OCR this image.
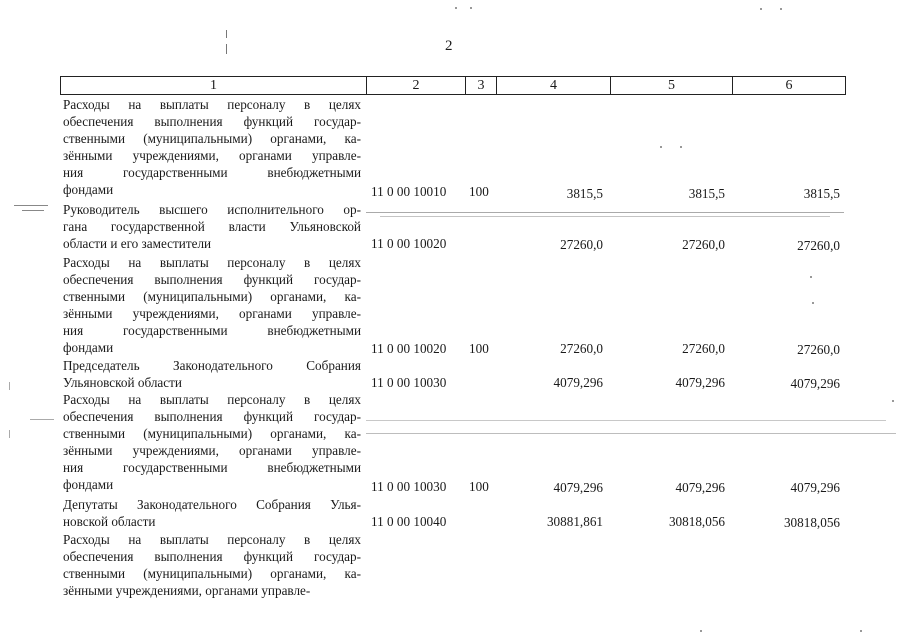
2
1	2	3	4	5	6
Расходы на выплаты персоналу в целях
обеспечения выполнения функций государ-
ственными (муниципальными) органами, ка-
зёнными учреждениями, органами управле-
ния государственными внебюджетными
фондами	11 0 00 10010 100	3815,5	3815,5	3815,5
Руководитель высшего исполнительного ор-
гана государственной власти Ульяновской
области и его заместители	11 0 00 10020	27260,0	27260,0	27260,0
Расходы на выплаты персоналу в целях
обеспечения выполнения функций государ-
ственными (муниципальными) органами, ка-
зёнными учреждениями, органами управле-
ния государственными внебюджетными
фондами	11 0 00 10020 100	27260,0	27260,0	27260,0
Председатель Законодательного Собрания
Ульяновской области	11 0 00 10030	4079,296	4079,296	4079,296
Расходы на выплаты персоналу в целях
обеспечения выполнения функций государ-
ственными (муниципальными) органами, ка-
зёнными учреждениями, органами управле-
ния государственными внебюджетными
фондами	11 0 00 10030 100	4079,296	4079,296	4079,296
Депутаты Законодательного Собрания Улья-
новской области	11 0 00 10040	30881,861	30818,056	30818,056
Расходы на выплаты персоналу в целях
обеспечения выполнения функций государ-
ственными (муниципальными) органами, ка-
зёнными учреждениями, органами управле-
